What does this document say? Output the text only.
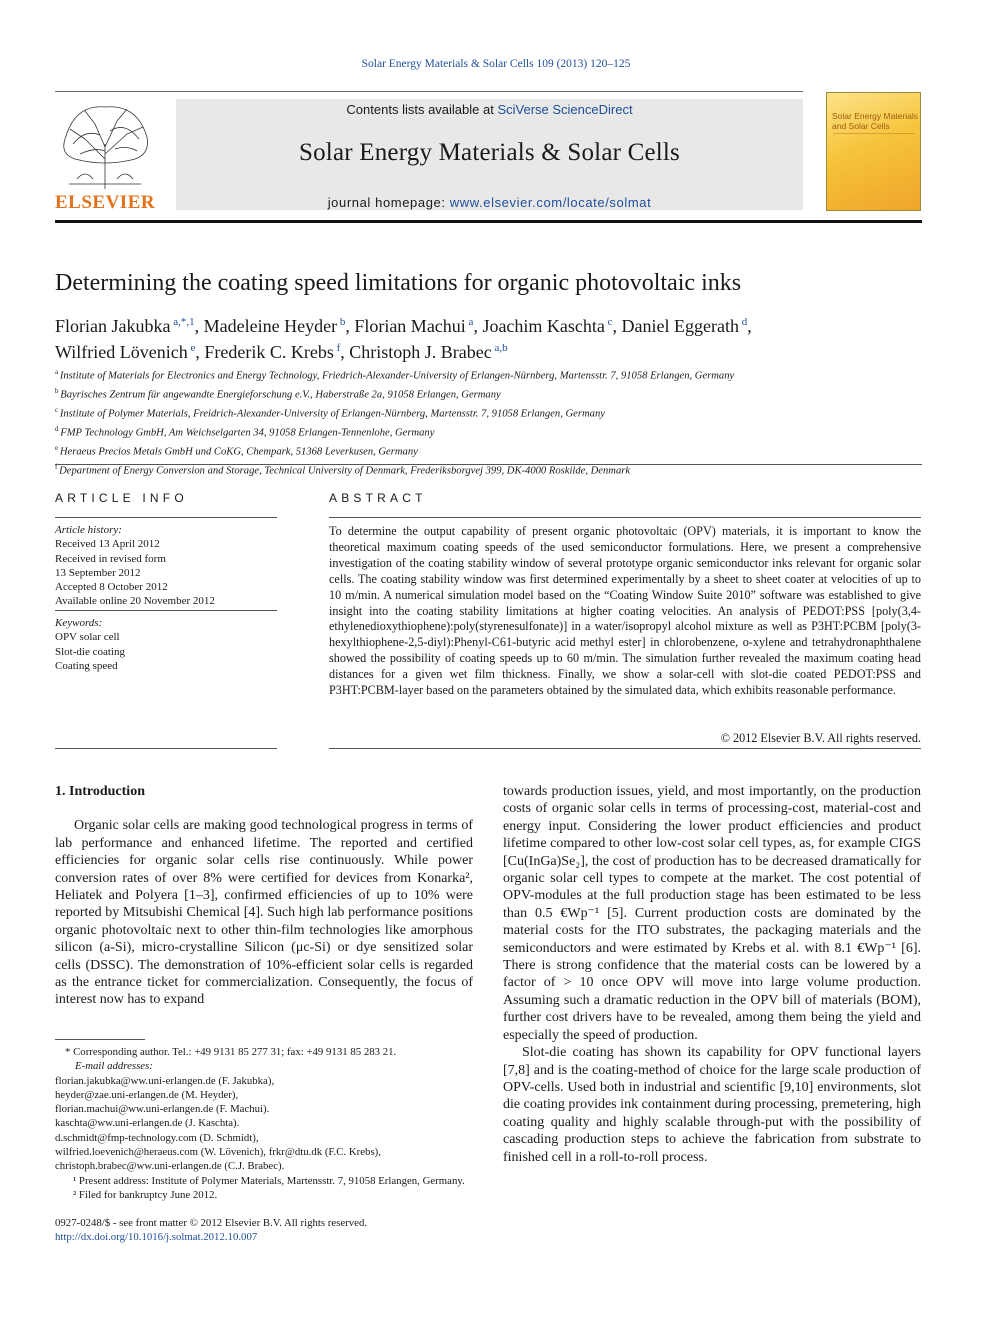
Solar Energy Materials & Solar Cells 109 (2013) 120–125
ELSEVIER
Contents lists available at SciVerse ScienceDirect
Solar Energy Materials & Solar Cells
journal homepage: www.elsevier.com/locate/solmat
Solar Energy Materials and Solar Cells
Determining the coating speed limitations for organic photovoltaic inks
Florian Jakubka $^{a,*,1}$, Madeleine Heyder $^b$, Florian Machui $^a$, Joachim Kaschta $^c$, Daniel Eggerath $^d$,
Wilfried Lövenich $^e$, Frederik C. Krebs $^f$, Christoph J. Brabec $^{a,b}$
$^a$ Institute of Materials for Electronics and Energy Technology, Friedrich-Alexander-University of Erlangen-Nürnberg, Martensstr. 7, 91058 Erlangen, Germany
$^b$ Bayrisches Zentrum für angewandte Energieforschung e.V., Haberstraße 2a, 91058 Erlangen, Germany
$^c$ Institute of Polymer Materials, Freidrich-Alexander-University of Erlangen-Nürnberg, Martensstr. 7, 91058 Erlangen, Germany
$^d$ FMP Technology GmbH, Am Weichselgarten 34, 91058 Erlangen-Tennenlohe, Germany
$^e$ Heraeus Precios Metals GmbH und CoKG, Chempark, 51368 Leverkusen, Germany
$^f$ Department of Energy Conversion and Storage, Technical University of Denmark, Frederiksborgvej 399, DK-4000 Roskilde, Denmark
ARTICLE INFO
Article history:
Received 13 April 2012
Received in revised form
13 September 2012
Accepted 8 October 2012
Available online 20 November 2012
Keywords:
OPV solar cell
Slot-die coating
Coating speed
ABSTRACT
To determine the output capability of present organic photovoltaic (OPV) materials, it is important to know the theoretical maximum coating speeds of the used semiconductor formulations. Here, we present a comprehensive investigation of the coating stability window of several prototype organic semiconductor inks relevant for organic solar cells. The coating stability window was first determined experimentally by a sheet to sheet coater at velocities of up to 10 m/min. A numerical simulation model based on the “Coating Window Suite 2010” software was established to give insight into the coating stability limitations at higher coating velocities. An analysis of PEDOT:PSS [poly(3,4-ethylenedioxythiophene):poly(styrenesulfonate)] in a water/isopropyl alcohol mixture as well as P3HT:PCBM [poly(3-hexylthiophene-2,5-diyl):Phenyl-C61-butyric acid methyl ester] in chlorobenzene, o-xylene and tetrahydronaphthalene showed the possibility of coating speeds up to 60 m/min. The simulation further revealed the maximum coating head distances for a given wet film thickness. Finally, we show a solar-cell with slot-die coated PEDOT:PSS and P3HT:PCBM-layer based on the parameters obtained by the simulated data, which exhibits reasonable performance.
© 2012 Elsevier B.V. All rights reserved.
1. Introduction
Organic solar cells are making good technological progress in terms of lab performance and enhanced lifetime. The reported and certified efficiencies for organic solar cells rise continuously. While power conversion rates of over 8% were certified for devices from Konarka², Heliatek and Polyera [1–3], confirmed efficiencies of up to 10% were reported by Mitsubishi Chemical [4]. Such high lab performance positions organic photovoltaic next to other thin-film technologies like amorphous silicon (a-Si), micro-crystalline Silicon (μc-Si) or dye sensitized solar cells (DSSC). The demonstration of 10%-efficient solar cells is regarded as the entrance ticket for commercialization. Consequently, the focus of interest now has to expand
towards production issues, yield, and most importantly, on the production costs of organic solar cells in terms of processing-cost, material-cost and energy input. Considering the lower product efficiencies and product lifetime compared to other low-cost solar cell types, as, for example CIGS [Cu(InGa)Se₂], the cost of production has to be decreased dramatically for organic solar cell types to compete at the market. The cost potential of OPV-modules at the full production stage has been estimated to be less than 0.5 €Wp⁻¹ [5]. Current production costs are dominated by the material costs for the ITO substrates, the packaging materials and the semiconductors and were estimated by Krebs et al. with 8.1 €Wp⁻¹ [6]. There is strong confidence that the material costs can be lowered by a factor of > 10 once OPV will move into large volume production. Assuming such a dramatic reduction in the OPV bill of materials (BOM), further cost drivers have to be revealed, among them being the yield and especially the speed of production.
Slot-die coating has shown its capability for OPV functional layers [7,8] and is the coating-method of choice for the large scale production of OPV-cells. Used both in industrial and scientific [9,10] environments, slot die coating provides ink containment during processing, premetering, high coating quality and highly scalable through-put with the possibility of cascading production steps to achieve the fabrication from substrate to finished cell in a roll-to-roll process.
* Corresponding author. Tel.: +49 9131 85 277 31; fax: +49 9131 85 283 21.
E-mail addresses:
florian.jakubka@ww.uni-erlangen.de (F. Jakubka),
heyder@zae.uni-erlangen.de (M. Heyder),
florian.machui@ww.uni-erlangen.de (F. Machui).
kaschta@ww.uni-erlangen.de (J. Kaschta).
d.schmidt@fmp-technology.com (D. Schmidt),
wilfried.loevenich@heraeus.com (W. Lövenich), frkr@dtu.dk (F.C. Krebs),
christoph.brabec@ww.uni-erlangen.de (C.J. Brabec).
¹ Present address: Institute of Polymer Materials, Martensstr. 7, 91058 Erlangen, Germany.
² Filed for bankruptcy June 2012.
0927-0248/$ - see front matter © 2012 Elsevier B.V. All rights reserved.
http://dx.doi.org/10.1016/j.solmat.2012.10.007
